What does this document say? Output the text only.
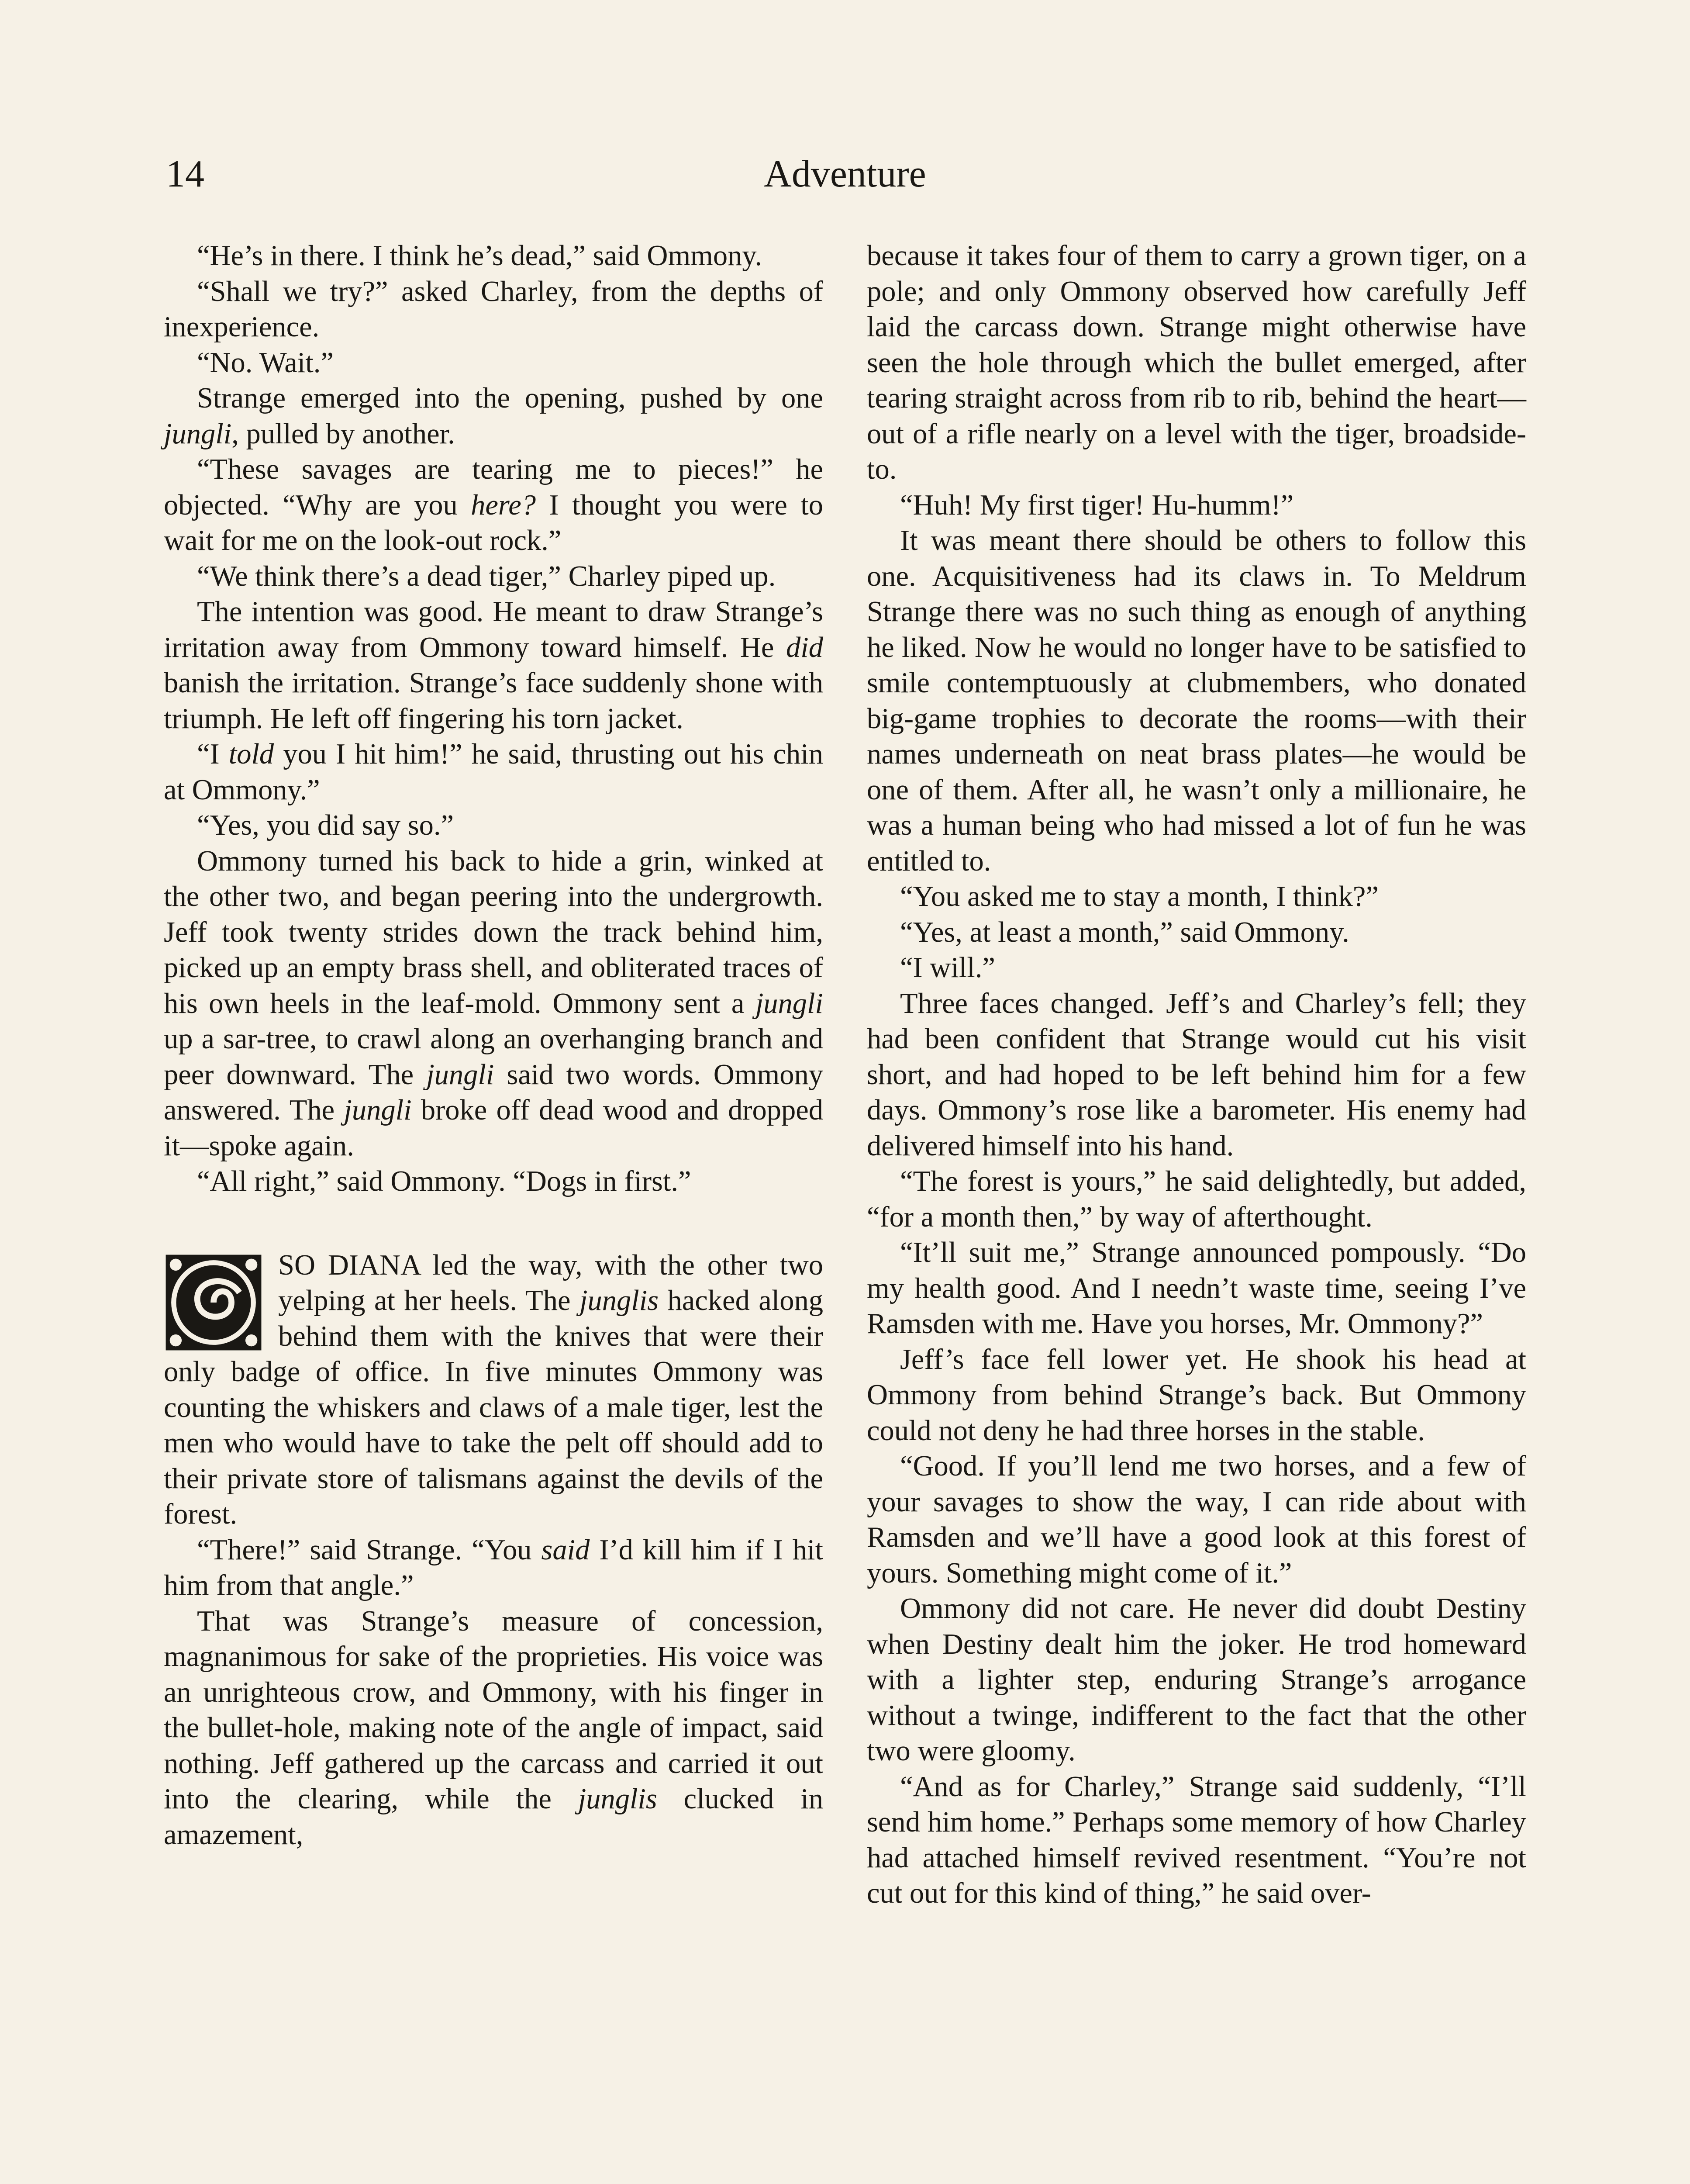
14	Adventure

“He’s in there. I think he’s dead,” said Ommony.

“Shall we try?” asked Charley, from the depths of inexperience.

“No. Wait.”

Strange emerged into the opening, pushed by one jungli, pulled by another.

“These savages are tearing me to pieces!” he objected. “Why are you here? I thought you were to wait for me on the look-out rock.”

“We think there’s a dead tiger,” Charley piped up.

The intention was good. He meant to draw Strange’s irritation away from Ommony toward himself. He did banish the irritation. Strange’s face suddenly shone with triumph. He left off fingering his torn jacket.

“I told you I hit him!” he said, thrusting out his chin at Ommony.”

“Yes, you did say so.”

Ommony turned his back to hide a grin, winked at the other two, and began peering into the undergrowth. Jeff took twenty strides down the track behind him, picked up an empty brass shell, and obliterated traces of his own heels in the leaf-mold. Ommony sent a jungli up a sar-tree, to crawl along an overhanging branch and peer downward. The jungli said two words. Ommony answered. The jungli broke off dead wood and dropped it—spoke again.

“All right,” said Ommony. “Dogs in first.”

SO DIANA led the way, with the other two yelping at her heels. The junglis hacked along behind them with the knives that were their only badge of office. In five minutes Ommony was counting the whiskers and claws of a male tiger, lest the men who would have to take the pelt off should add to their private store of talismans against the devils of the forest.

“There!” said Strange. “You said I’d kill him if I hit him from that angle.”

That was Strange’s measure of concession, magnanimous for sake of the proprieties. His voice was an unrighteous crow, and Ommony, with his finger in the bullet-hole, making note of the angle of impact, said nothing. Jeff gathered up the carcass and carried it out into the clearing, while the junglis clucked in amazement,

because it takes four of them to carry a grown tiger, on a pole; and only Ommony observed how carefully Jeff laid the carcass down. Strange might otherwise have seen the hole through which the bullet emerged, after tearing straight across from rib to rib, behind the heart—out of a rifle nearly on a level with the tiger, broadside-to.

“Huh! My first tiger! Hu-humm!”

It was meant there should be others to follow this one. Acquisitiveness had its claws in. To Meldrum Strange there was no such thing as enough of anything he liked. Now he would no longer have to be satisfied to smile contemptuously at clubmembers, who donated big-game trophies to decorate the rooms—with their names underneath on neat brass plates—he would be one of them. After all, he wasn’t only a millionaire, he was a human being who had missed a lot of fun he was entitled to.

“You asked me to stay a month, I think?”

“Yes, at least a month,” said Ommony.

“I will.”

Three faces changed. Jeff’s and Charley’s fell; they had been confident that Strange would cut his visit short, and had hoped to be left behind him for a few days. Ommony’s rose like a barometer. His enemy had delivered himself into his hand.

“The forest is yours,” he said delightedly, but added, “for a month then,” by way of afterthought.

“It’ll suit me,” Strange announced pompously. “Do my health good. And I needn’t waste time, seeing I’ve Ramsden with me. Have you horses, Mr. Ommony?”

Jeff’s face fell lower yet. He shook his head at Ommony from behind Strange’s back. But Ommony could not deny he had three horses in the stable.

“Good. If you’ll lend me two horses, and a few of your savages to show the way, I can ride about with Ramsden and we’ll have a good look at this forest of yours. Something might come of it.”

Ommony did not care. He never did doubt Destiny when Destiny dealt him the joker. He trod homeward with a lighter step, enduring Strange’s arrogance without a twinge, indifferent to the fact that the other two were gloomy.

“And as for Charley,” Strange said suddenly, “I’ll send him home.” Perhaps some memory of how Charley had attached himself revived resentment. “You’re not cut out for this kind of thing,” he said over-
